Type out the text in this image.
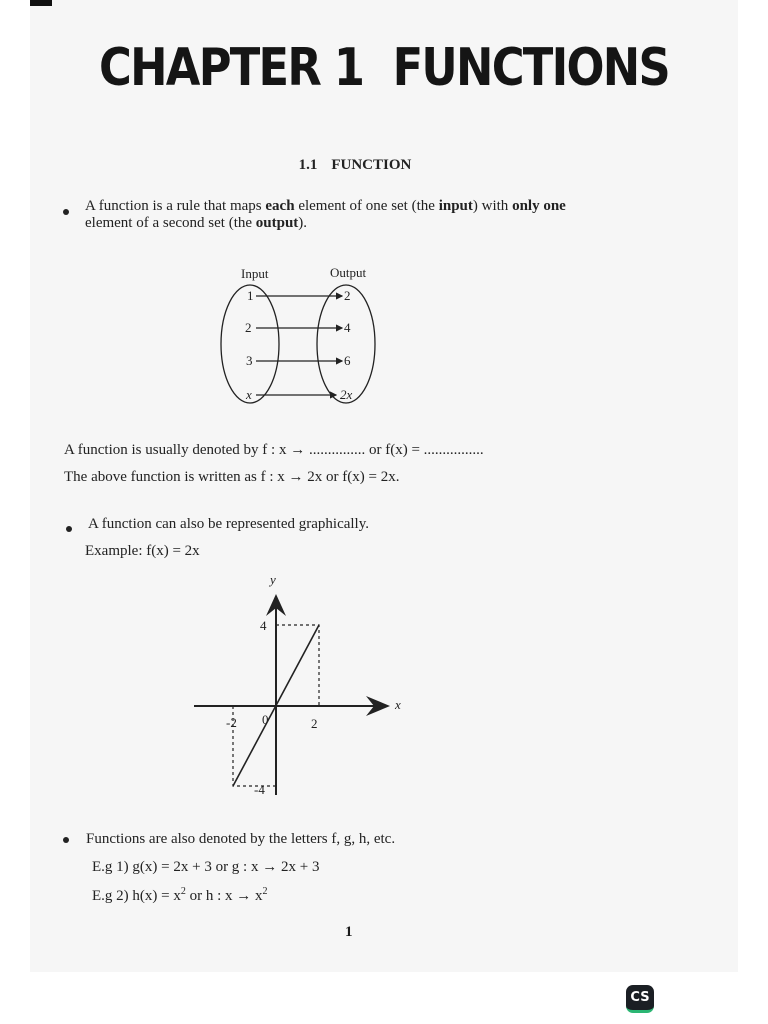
CHAPTER 1 FUNCTIONS
1.1 FUNCTION
A function is a rule that maps each element of one set (the input) with only one
element of a second set (the output).
Input	Output
1
2
3
x
2
4
6
2x
A function is usually denoted by f : x → ............... or f(x) = ................
The above function is written as f : x → 2x or f(x) = 2x.
A function can also be represented graphically.
Example: f(x) = 2x
y
x
4
-4
2
-2 0
Functions are also denoted by the letters f, g, h, etc.
E.g 1) g(x) = 2x + 3 or g : x → 2x + 3
E.g 2) $h(x) = x^2$ or h : $x \to x^2$
1
CS
